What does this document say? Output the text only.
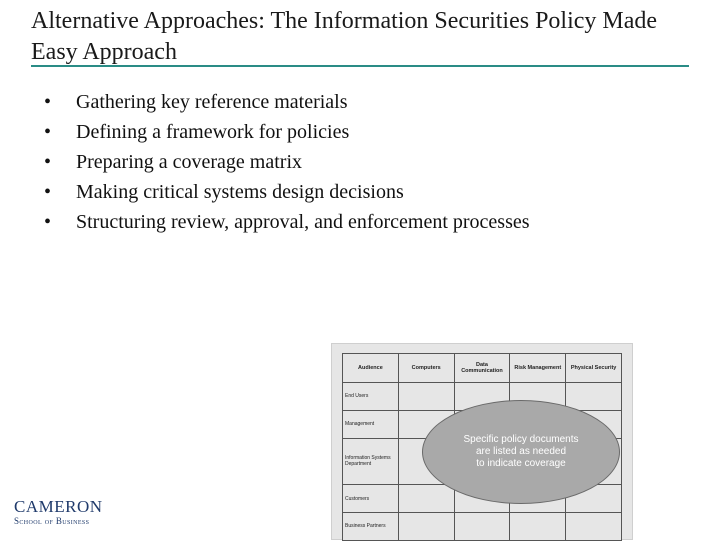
Alternative Approaches: The Information Securities Policy Made Easy Approach
• Gathering key reference materials
• Defining a framework for policies
• Preparing a coverage matrix
• Making critical systems design decisions
• Structuring review, approval, and enforcement processes
Audience	Computers	Data Communication	Risk Management	Physical Security
End Users				
Management				
Information Systems Department				
Customers				
Business Partners				
Specific policy documents
are listed as needed
to indicate coverage
CAMERON
School of Business
